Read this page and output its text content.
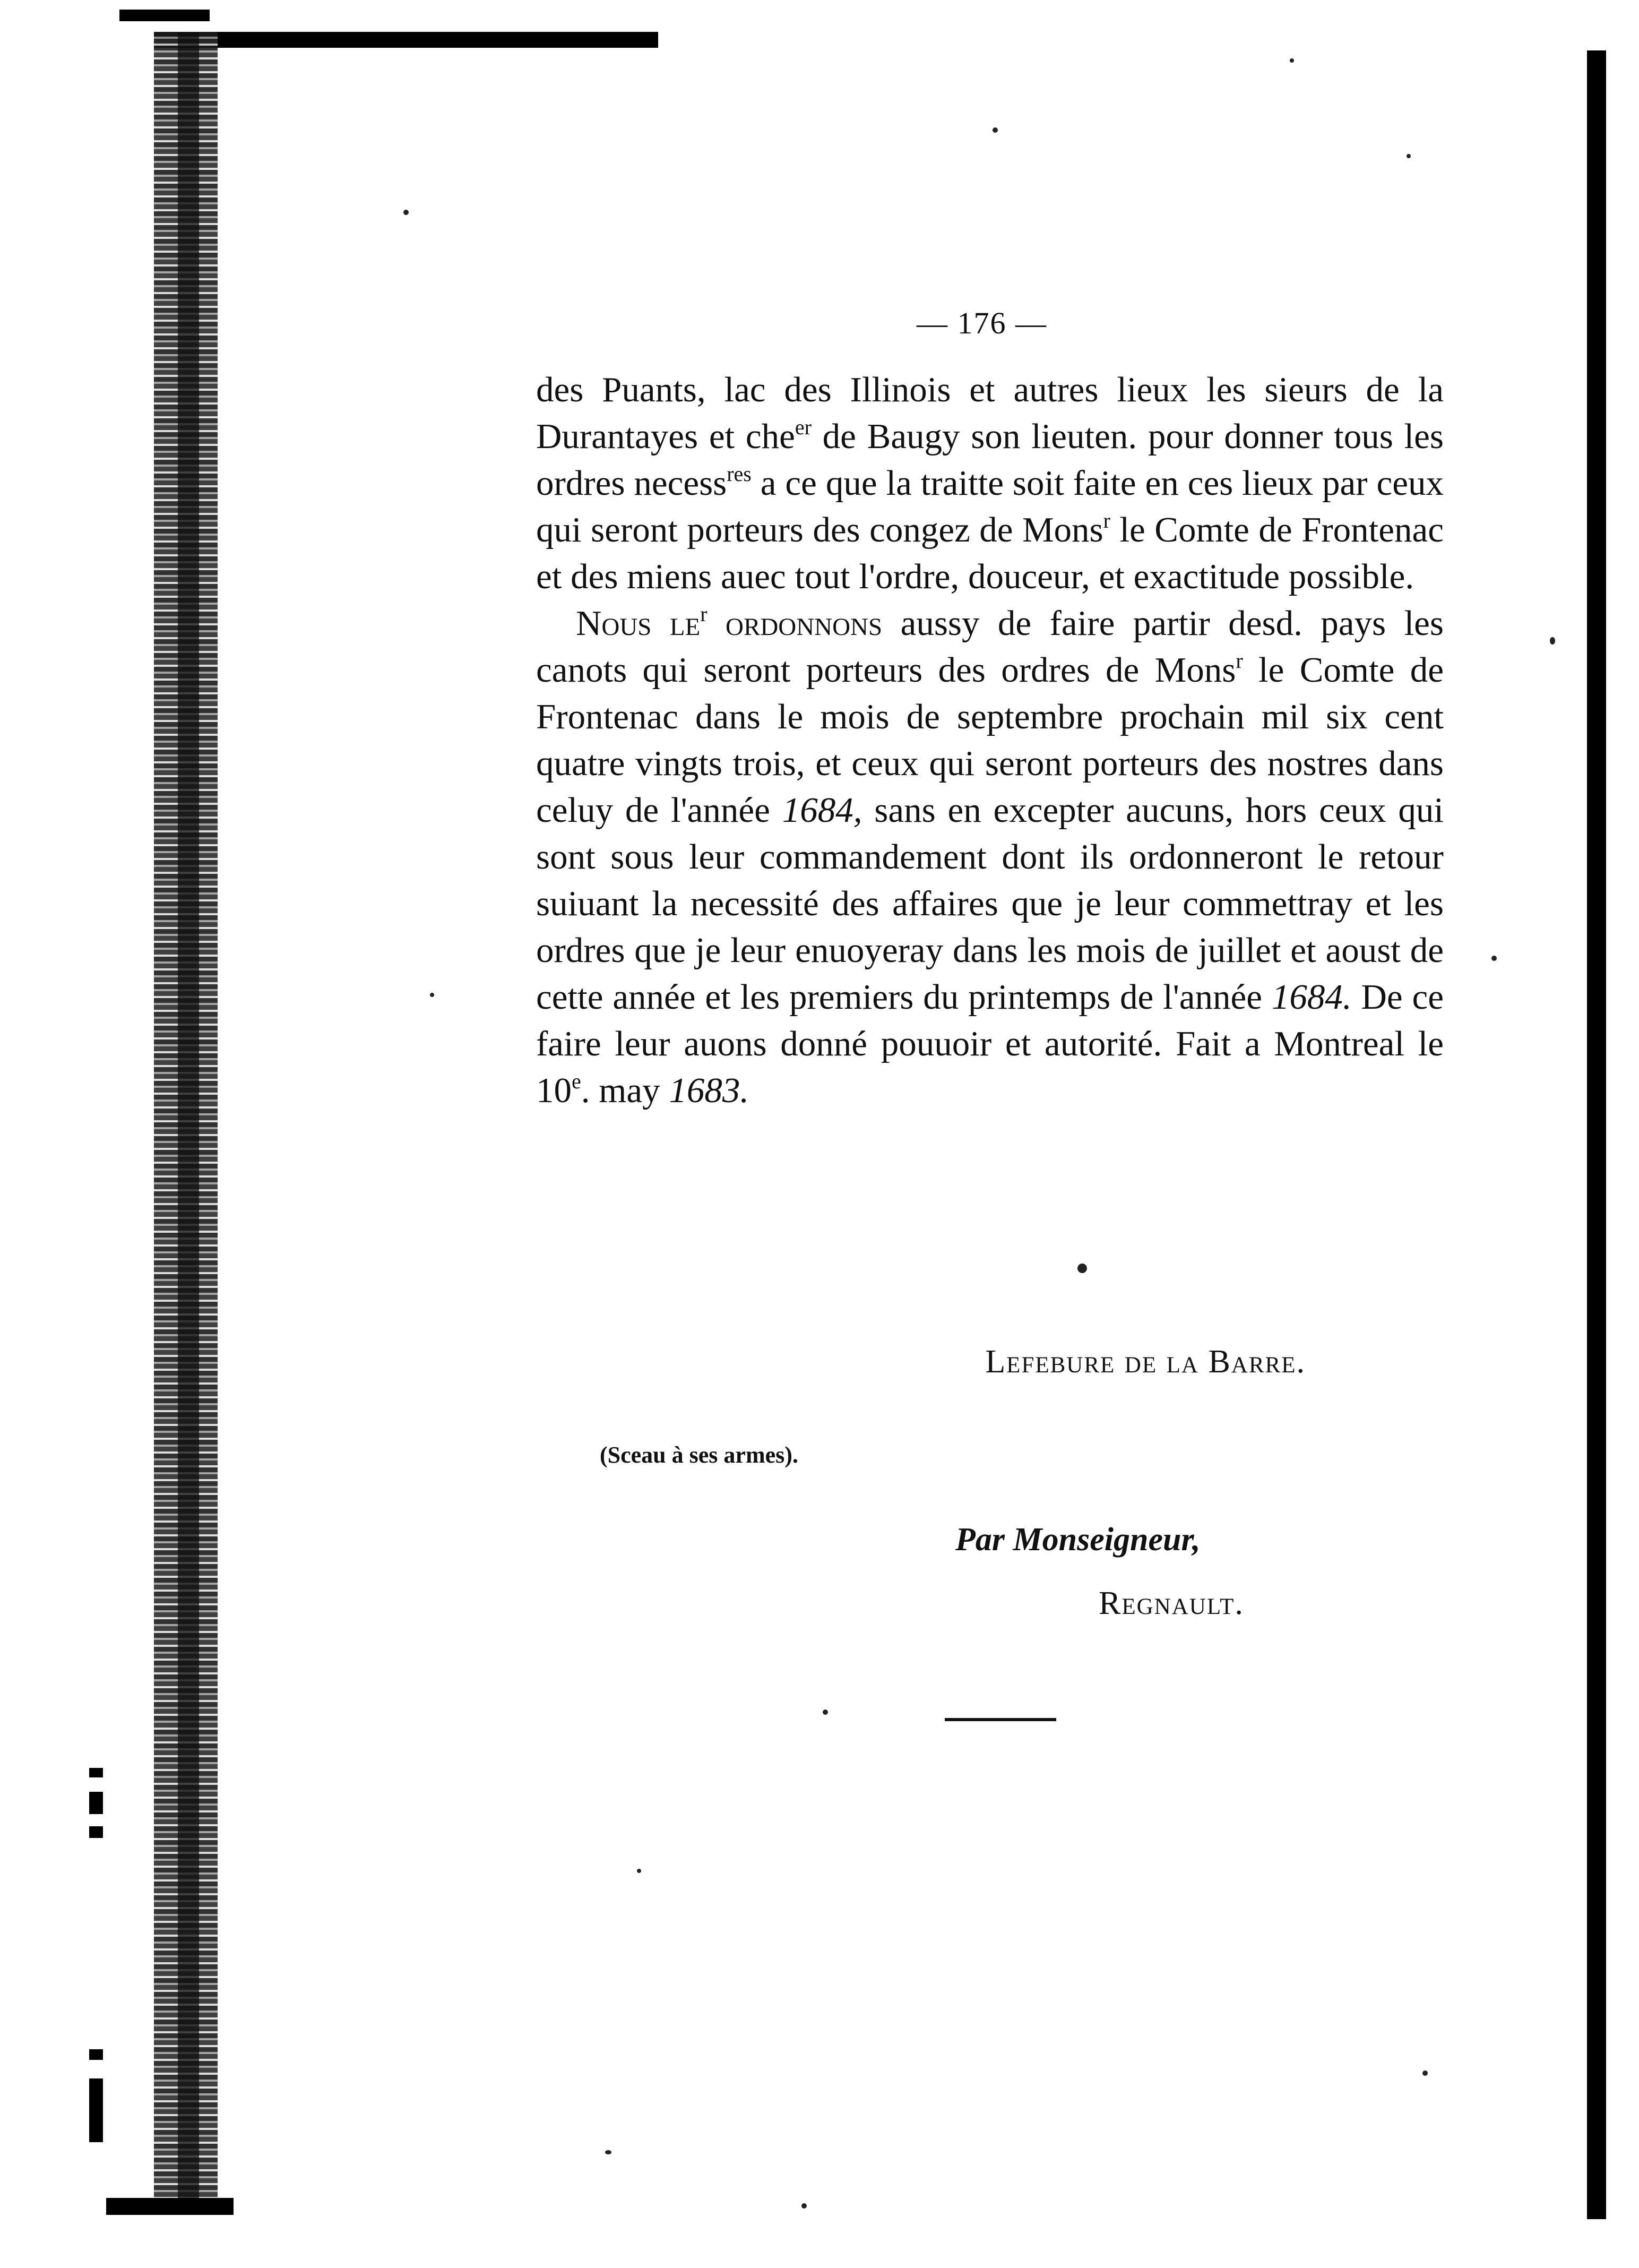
— 176 —

des Puants, lac des Illinois et autres lieux les sieurs de la Durantayes et che$^{er}$ de Baugy son lieuten. pour donner tous les ordres necess$^{res}$ a ce que la traitte soit faite en ces lieux par ceux qui seront porteurs des congez de Mons$^r$ le Comte de Frontenac et des miens auec tout l'ordre, douceur, et exactitude possible.

Nous $le^r$ ordonnons aussy de faire partir desd. pays les canots qui seront porteurs des ordres de Mons$^r$ le Comte de Frontenac dans le mois de septembre prochain mil six cent quatre vingts trois, et ceux qui seront porteurs des nostres dans celuy de l'année 1684, sans en excepter aucuns, hors ceux qui sont sous leur commandement dont ils ordonneront le retour suiuant la necessité des affaires que je leur commettray et les ordres que je leur enuoyeray dans les mois de juillet et aoust de cette année et les premiers du printemps de l'année 1684. De ce faire leur auons donné pouuoir et autorité. Fait a Montreal le 10e. may 1683.

Lefebure de la Barre.
(Sceau à ses armes).
Par Monseigneur,
Regnault.
